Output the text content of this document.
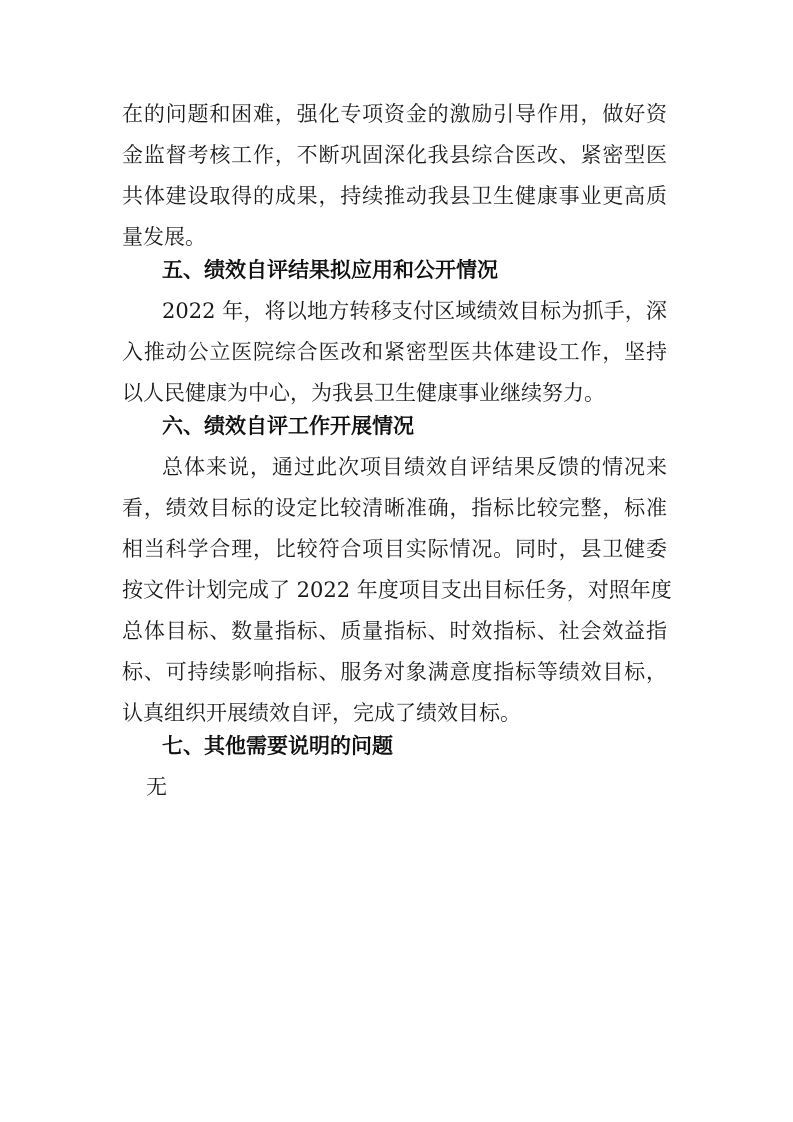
在的问题和困难，强化专项资金的激励引导作用，做好资
金监督考核工作，不断巩固深化我县综合医改、紧密型医
共体建设取得的成果，持续推动我县卫生健康事业更高质
量发展。
五、绩效自评结果拟应用和公开情况
2022 年，将以地方转移支付区域绩效目标为抓手，深
入推动公立医院综合医改和紧密型医共体建设工作，坚持
以人民健康为中心，为我县卫生健康事业继续努力。
六、绩效自评工作开展情况
总体来说，通过此次项目绩效自评结果反馈的情况来
看，绩效目标的设定比较清晰准确，指标比较完整，标准
相当科学合理，比较符合项目实际情况。同时，县卫健委
按文件计划完成了 2022 年度项目支出目标任务，对照年度
总体目标、数量指标、质量指标、时效指标、社会效益指
标、可持续影响指标、服务对象满意度指标等绩效目标，
认真组织开展绩效自评，完成了绩效目标。
七、其他需要说明的问题
无
